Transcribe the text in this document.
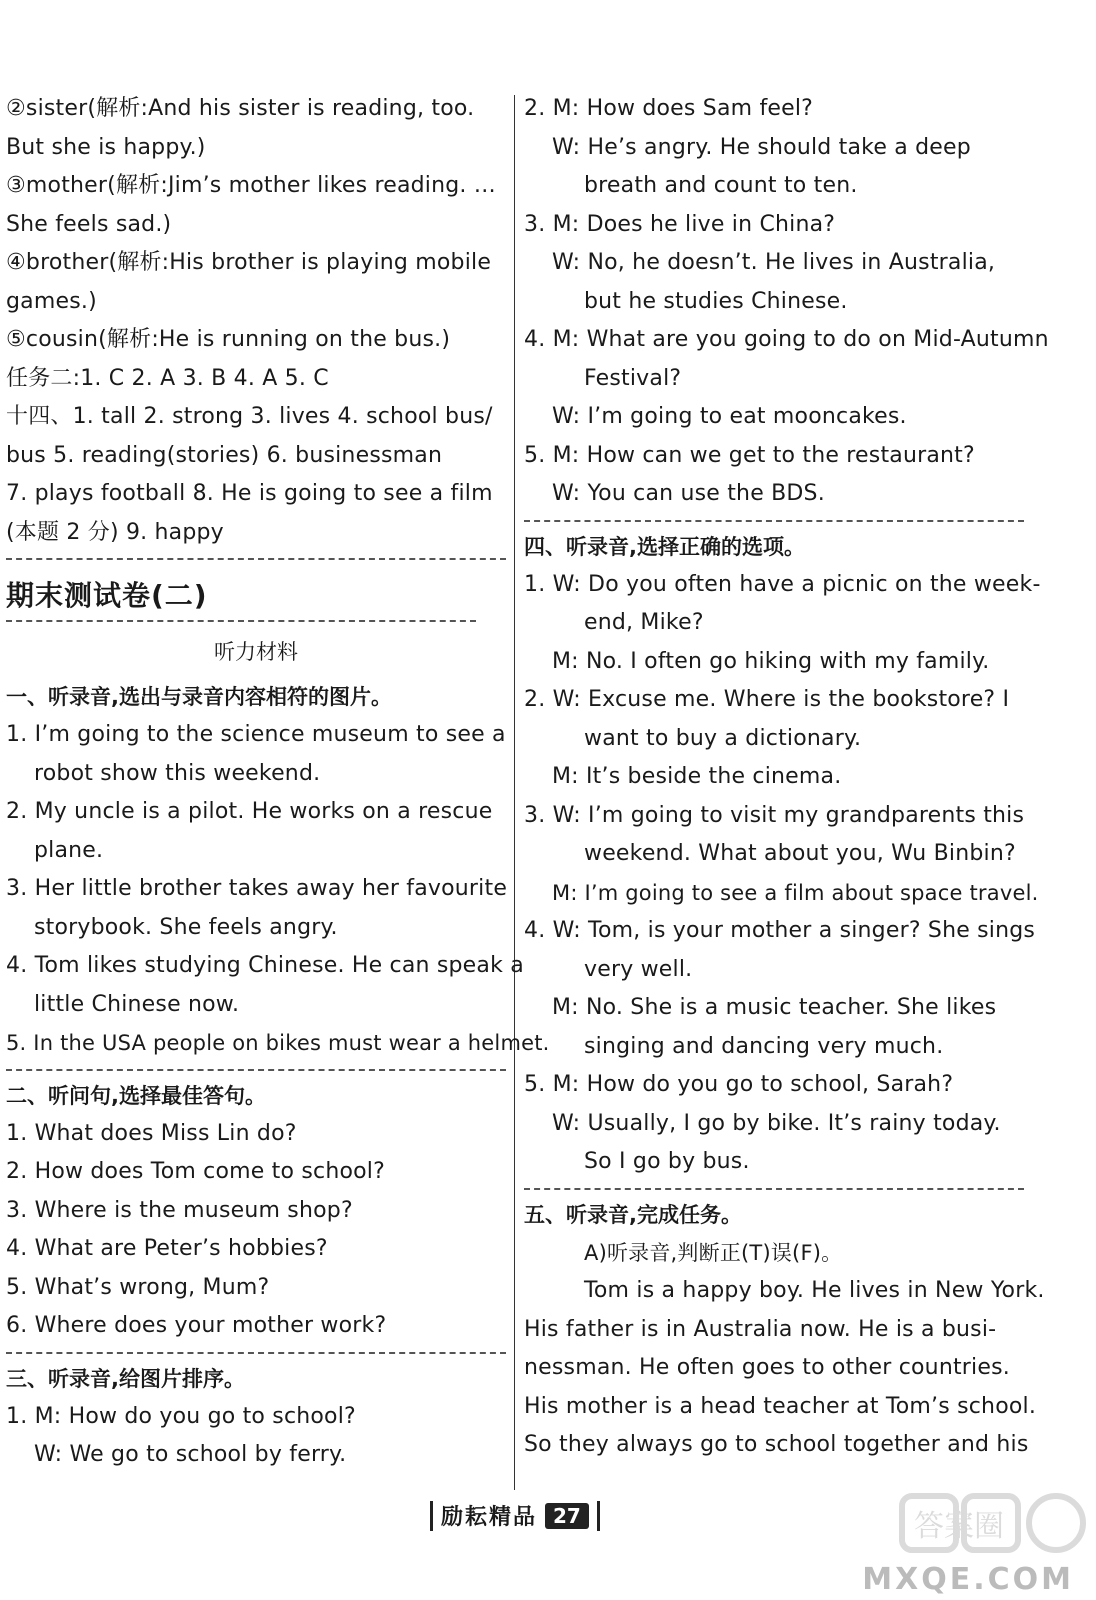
②sister(解析:And his sister is reading, too.
But she is happy.)
③mother(解析:Jim’s mother likes reading. …
She feels sad.)
④brother(解析:His brother is playing mobile
games.)
⑤cousin(解析:He is running on the bus.)
任务二:1. C 2. A 3. B 4. A 5. C
十四、1. tall 2. strong 3. lives 4. school bus/
bus 5. reading(stories) 6. businessman
7. plays football 8. He is going to see a film
(本题 2 分) 9. happy
期末测试卷(二)
听力材料
一、听录音,选出与录音内容相符的图片。
1. I’m going to the science museum to see a
robot show this weekend.
2. My uncle is a pilot. He works on a rescue
plane.
3. Her little brother takes away her favourite
storybook. She feels angry.
4. Tom likes studying Chinese. He can speak a
little Chinese now.
5. In the USA people on bikes must wear a helmet.
二、听问句,选择最佳答句。
1. What does Miss Lin do?
2. How does Tom come to school?
3. Where is the museum shop?
4. What are Peter’s hobbies?
5. What’s wrong, Mum?
6. Where does your mother work?
三、听录音,给图片排序。
1. M: How do you go to school?
W: We go to school by ferry.
2. M: How does Sam feel?
W: He’s angry. He should take a deep
breath and count to ten.
3. M: Does he live in China?
W: No, he doesn’t. He lives in Australia,
but he studies Chinese.
4. M: What are you going to do on Mid-Autumn
Festival?
W: I’m going to eat mooncakes.
5. M: How can we get to the restaurant?
W: You can use the BDS.
四、听录音,选择正确的选项。
1. W: Do you often have a picnic on the week-
end, Mike?
M: No. I often go hiking with my family.
2. W: Excuse me. Where is the bookstore? I
want to buy a dictionary.
M: It’s beside the cinema.
3. W: I’m going to visit my grandparents this
weekend. What about you, Wu Binbin?
M: I’m going to see a film about space travel.
4. W: Tom, is your mother a singer? She sings
very well.
M: No. She is a music teacher. She likes
singing and dancing very much.
5. M: How do you go to school, Sarah?
W: Usually, I go by bike. It’s rainy today.
So I go by bus.
五、听录音,完成任务。
A)听录音,判断正(T)误(F)。
Tom is a happy boy. He lives in New York.
His father is in Australia now. He is a busi-
nessman. He often goes to other countries.
His mother is a head teacher at Tom’s school.
So they always go to school together and his
励耘精品 27	答案圈
MXQE.COM
